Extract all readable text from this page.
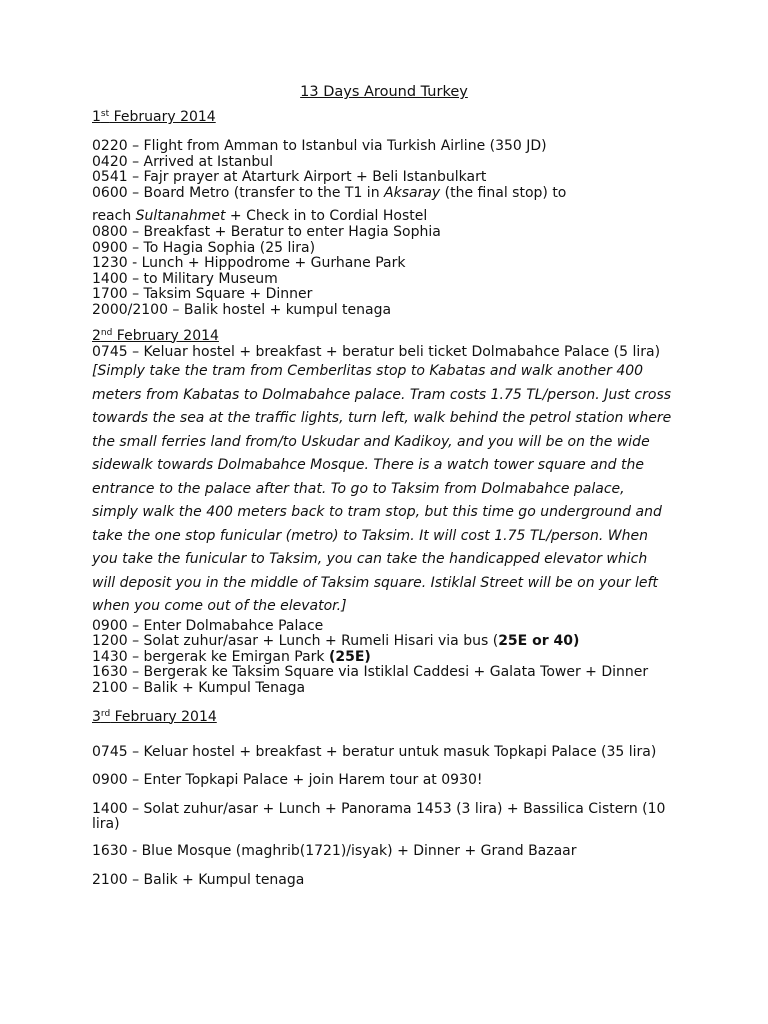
13 Days Around Turkey
1st February 2014
0220 – Flight from Amman to Istanbul via Turkish Airline (350 JD)
0420 – Arrived at Istanbul
0541 – Fajr prayer at Atarturk Airport + Beli Istanbulkart
0600 – Board Metro (transfer to the T1 in Aksaray (the final stop) to
reach Sultanahmet + Check in to Cordial Hostel
0800 – Breakfast + Beratur to enter Hagia Sophia
0900 – To Hagia Sophia (25 lira)
1230 - Lunch + Hippodrome + Gurhane Park
1400 – to Military Museum
1700 – Taksim Square + Dinner
2000/2100 – Balik hostel + kumpul tenaga
2nd February 2014
0745 – Keluar hostel + breakfast + beratur beli ticket Dolmabahce Palace (5 lira)
[Simply take the tram from Cemberlitas stop to Kabatas and walk another 400 meters from Kabatas to Dolmabahce palace. Tram costs 1.75 TL/person. Just cross towards the sea at the traffic lights, turn left, walk behind the petrol station where the small ferries land from/to Uskudar and Kadikoy, and you will be on the wide sidewalk towards Dolmabahce Mosque. There is a watch tower square and the entrance to the palace after that. To go to Taksim from Dolmabahce palace, simply walk the 400 meters back to tram stop, but this time go underground and take the one stop funicular (metro) to Taksim. It will cost 1.75 TL/person. When you take the funicular to Taksim, you can take the handicapped elevator which will deposit you in the middle of Taksim square. Istiklal Street will be on your left when you come out of the elevator.]
0900 – Enter Dolmabahce Palace
1200 – Solat zuhur/asar + Lunch + Rumeli Hisari via bus (25E or 40)
1430 – bergerak ke Emirgan Park (25E)
1630 – Bergerak ke Taksim Square via Istiklal Caddesi + Galata Tower + Dinner
2100 – Balik + Kumpul Tenaga
3rd February 2014
0745 – Keluar hostel + breakfast + beratur untuk masuk Topkapi Palace (35 lira)
0900 – Enter Topkapi Palace + join Harem tour at 0930!
1400 – Solat zuhur/asar + Lunch + Panorama 1453 (3 lira) + Bassilica Cistern (10 lira)
1630 - Blue Mosque (maghrib(1721)/isyak) + Dinner + Grand Bazaar
2100 – Balik + Kumpul tenaga
